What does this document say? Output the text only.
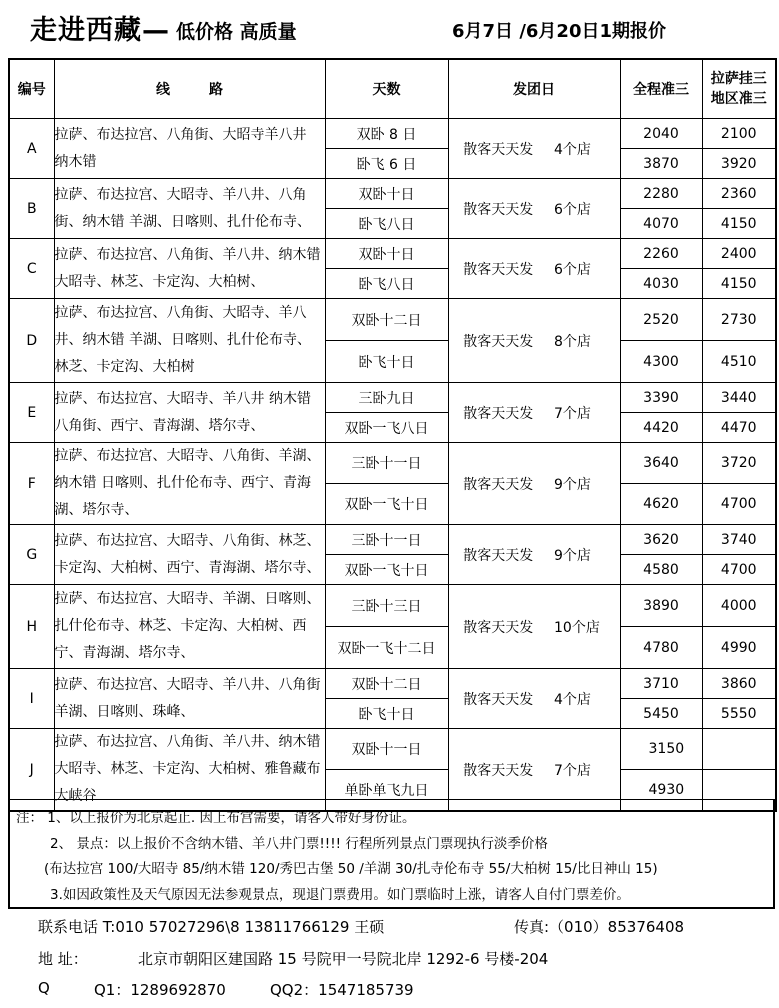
走进西藏— 低价格 高质量	6月7日 /6月20日1期报价
编号	线        路	天数	发团日		全程准三	拉萨挂三 地区准三
A	拉萨、布达拉宫、八角街、大昭寺羊八井 纳木错	双卧 8 日	散客天天发	4个店	2040	2100
		卧飞 6 日			3870	3920
B	拉萨、布达拉宫、大昭寺、羊八井、八角街、纳木错 羊湖、日喀则、扎什伦布寺、	双卧十日	散客天天发	6个店	2280	2360
		卧飞八日			4070	4150
C	拉萨、布达拉宫、八角街、羊八井、纳木错 大昭寺、林芝、卡定沟、大柏树、	双卧十日	散客天天发	6个店	2260	2400
		卧飞八日			4030	4150
D	拉萨、布达拉宫、八角街、大昭寺、羊八井、纳木错 羊湖、日喀则、扎什伦布寺、林芝、卡定沟、大柏树	双卧十二日	散客天天发	8个店	2520	2730
		卧飞十日			4300	4510
E	拉萨、布达拉宫、大昭寺、羊八井 纳木错八角街、西宁、青海湖、塔尔寺、	三卧九日	散客天天发	7个店	3390	3440
		双卧一飞八日			4420	4470
F	拉萨、布达拉宫、大昭寺、八角街、羊湖、纳木错 日喀则、扎什伦布寺、西宁、青海湖、塔尔寺、	三卧十一日	散客天天发	9个店	3640	3720
		双卧一飞十日			4620	4700
G	拉萨、布达拉宫、大昭寺、八角街、林芝、卡定沟、大柏树、西宁、青海湖、塔尔寺、	三卧十一日	散客天天发	9个店	3620	3740
		双卧一飞十日			4580	4700
H	拉萨、布达拉宫、大昭寺、羊湖、日喀则、扎什伦布寺、林芝、卡定沟、大柏树、西宁、青海湖、塔尔寺、	三卧十三日	散客天天发	10个店	3890	4000
		双卧一飞十二日			4780	4990
I	拉萨、布达拉宫、大昭寺、羊八井、八角街羊湖、日喀则、珠峰、	双卧十二日	散客天天发	4个店	3710	3860
		卧飞十日			5450	5550
J	拉萨、布达拉宫、八角街、羊八井、纳木错 大昭寺、林芝、卡定沟、大柏树、雅鲁藏布大峡谷	双卧十一日	散客天天发	7个店	3150	
		单卧单飞九日			4930	
注： 1、以上报价为北京起止. 因上布宫需要，请客人带好身份证。
2、 景点：以上报价不含纳木错、羊八井门票!!!! 行程所列景点门票现执行淡季价格
(布达拉宫 100/大昭寺 85/纳木错 120/秀巴古堡 50 /羊湖 30/扎寺伦布寺 55/大柏树 15/比日神山 15)
3.如因政策性及天气原因无法参观景点，现退门票费用。如门票临时上涨，请客人自付门票差价。
联系电话 T:010 57027296\8 13811766129 王硕	传真:（010）85376408
地 址：	北京市朝阳区建国路 15 号院甲一号院北岸 1292-6 号楼-204
Q	Q1：1289692870	QQ2：1547185739
